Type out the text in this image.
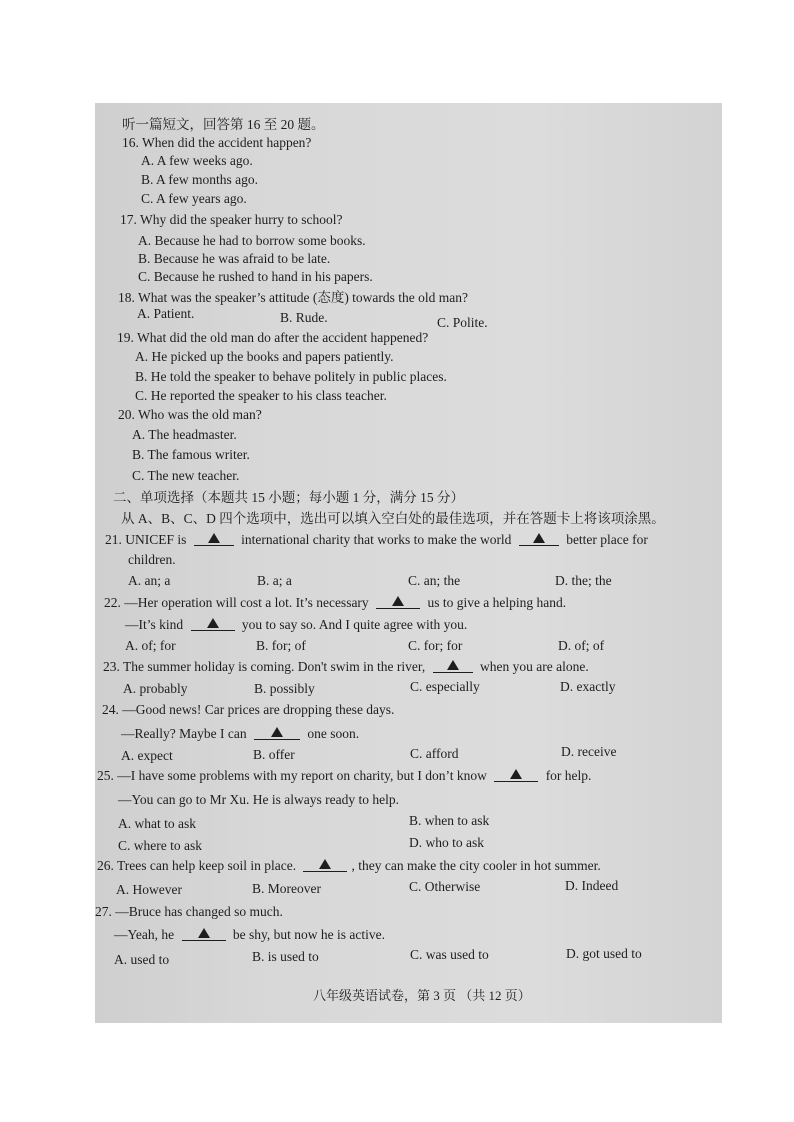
听一篇短文，回答第 16 至 20 题。
16. When did the accident happen?
A. A few weeks ago.
B. A few months ago.
C. A few years ago.
17. Why did the speaker hurry to school?
A. Because he had to borrow some books.
B. Because he was afraid to be late.
C. Because he rushed to hand in his papers.
18. What was the speaker’s attitude (态度) towards the old man?
A. Patient.	B. Rude.	C. Polite.
19. What did the old man do after the accident happened?
A. He picked up the books and papers patiently.
B. He told the speaker to behave politely in public places.
C. He reported the speaker to his class teacher.
20. Who was the old man?
A. The headmaster.
B. The famous writer.
C. The new teacher.
二、单项选择（本题共 15 小题；每小题 1 分，满分 15 分）
从 A、B、C、D 四个选项中，选出可以填入空白处的最佳选项，并在答题卡上将该项涂黑。
21. UNICEF is	international charity that works to make the world	better place for
children.
A. an; a	B. a; a	C. an; the	D. the; the
22. —Her operation will cost a lot. It’s necessary	us to give a helping hand.
—It’s kind	you to say so. And I quite agree with you.
A. of; for	B. for; of	C. for; for	D. of; of
23. The summer holiday is coming. Don't swim in the river,	when you are alone.
A. probably	B. possibly	C. especially	D. exactly
24. —Good news! Car prices are dropping these days.
—Really? Maybe I can	one soon.
A. expect	B. offer	C. afford	D. receive
25. —I have some problems with my report on charity, but I don’t know	for help.
—You can go to Mr Xu. He is always ready to help.
A. what to ask	B. when to ask
C. where to ask	D. who to ask
26. Trees can help keep soil in place.	, they can make the city cooler in hot summer.
A. However	B. Moreover	C. Otherwise	D. Indeed
27. —Bruce has changed so much.
—Yeah, he	be shy, but now he is active.
A. used to	B. is used to	C. was used to	D. got used to
八年级英语试卷，第 3 页 （共 12 页）
